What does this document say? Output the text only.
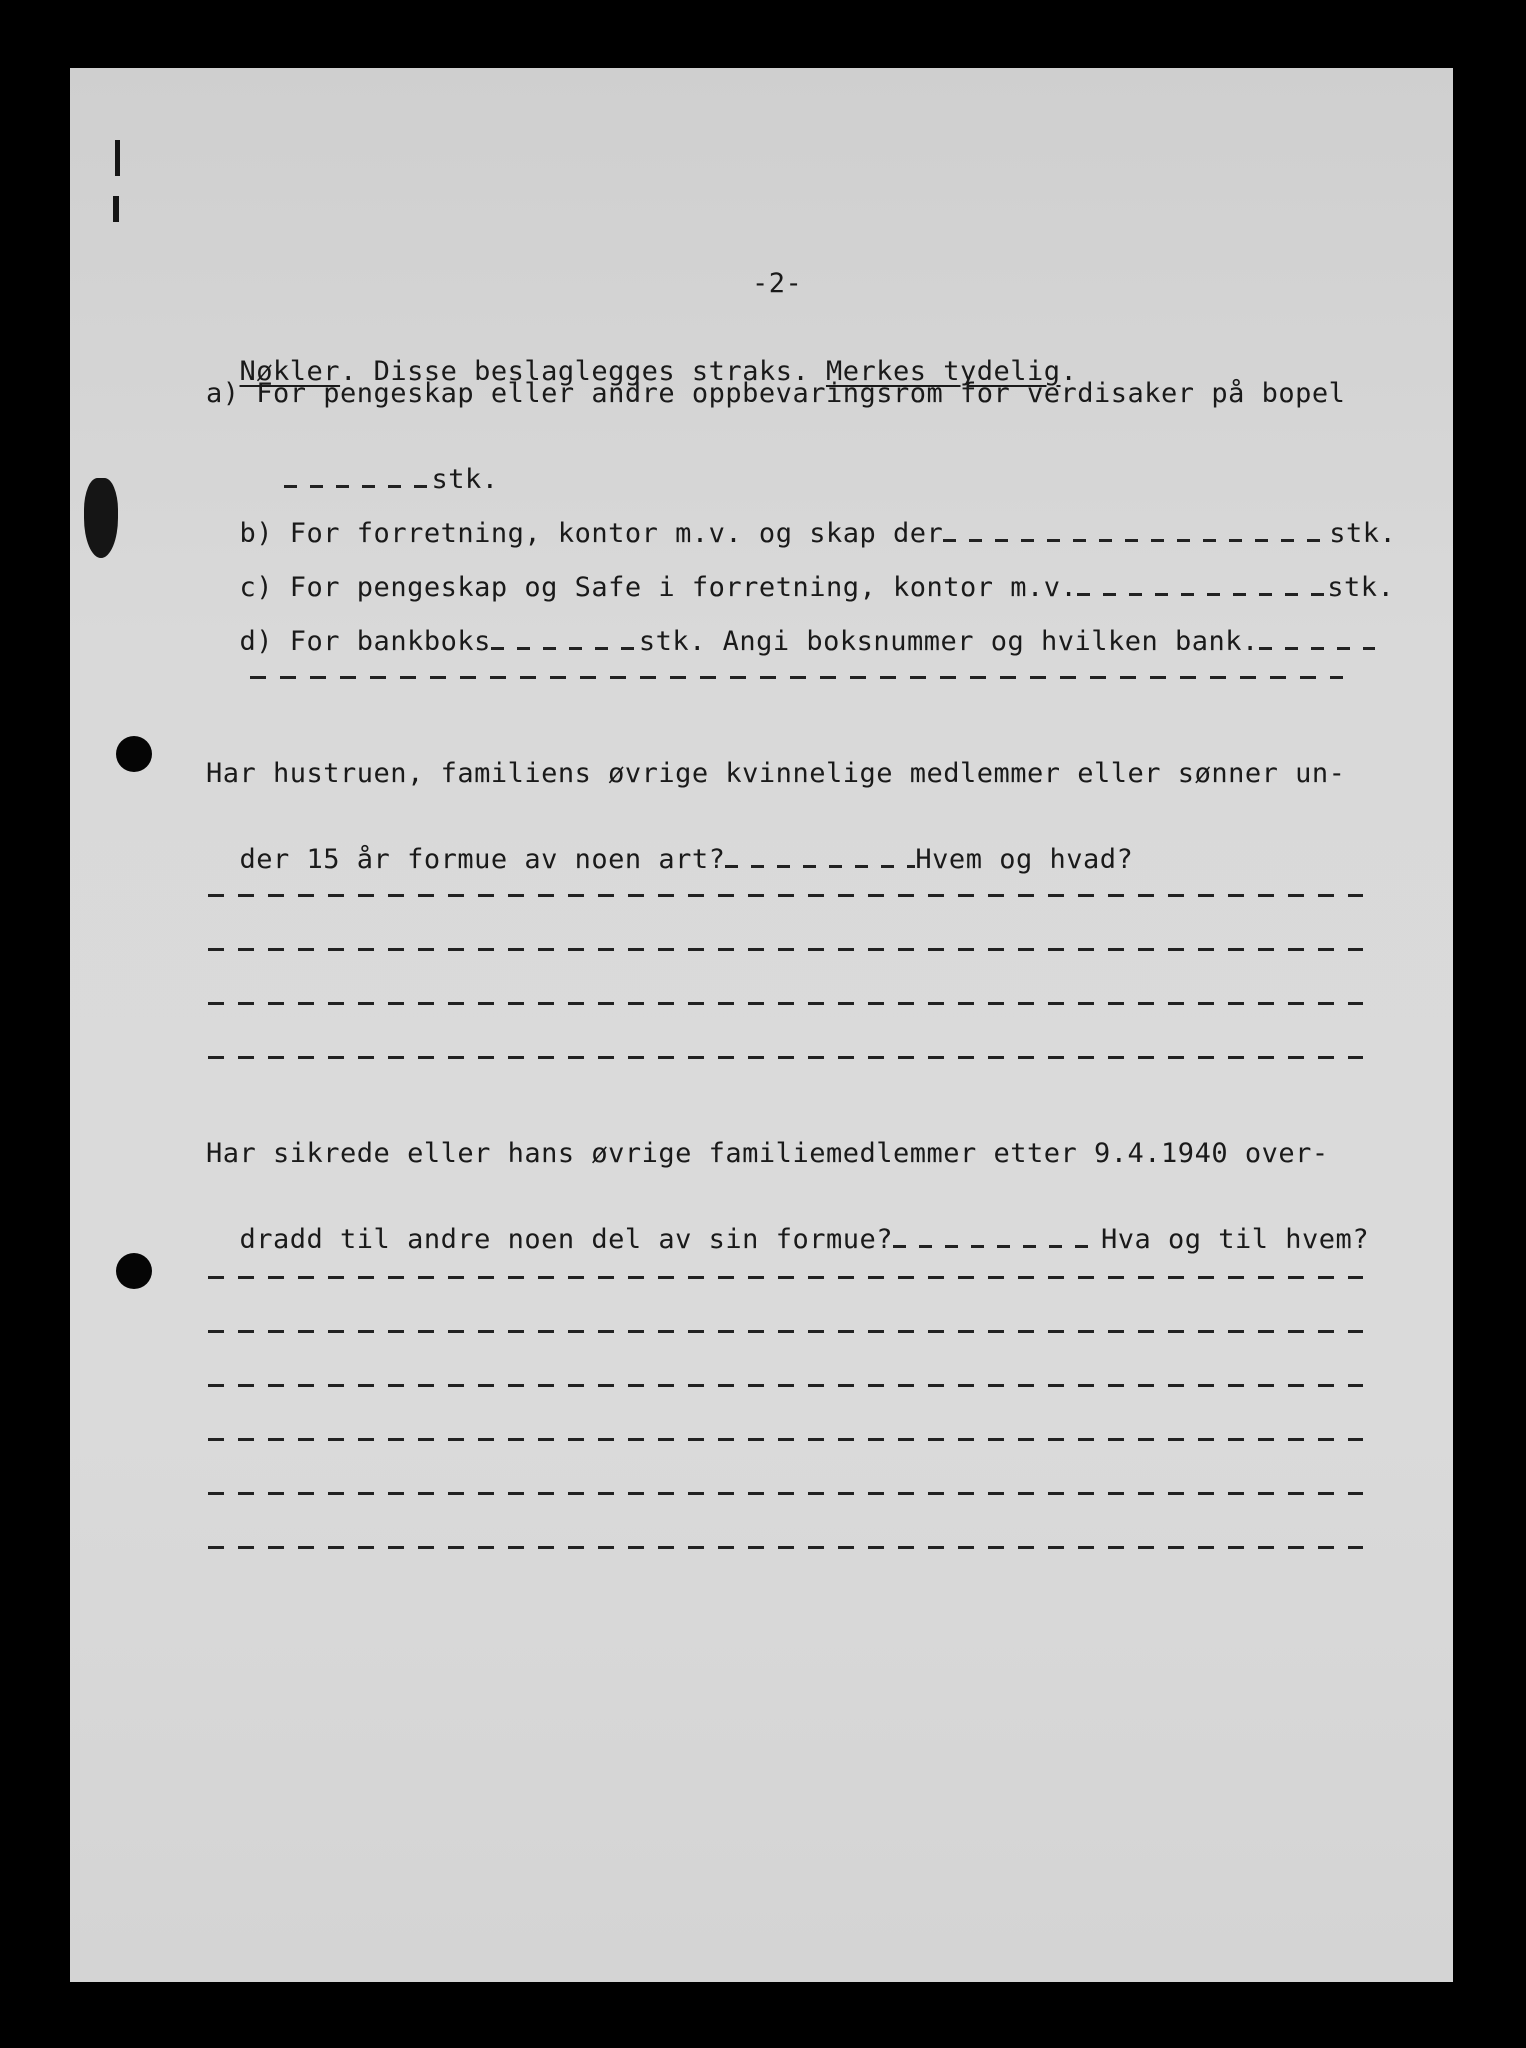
-2-

Nøkler. Disse beslaglegges straks. Merkes tydelig.

a) For pengeskap eller andre oppbevaringsrom for verdisaker på bopel

stk.

b) For forretning, kontor m.v. og skap der	stk.

c) For pengeskap og Safe i forretning, kontor m.v.	stk.

d) For bankboks	stk. Angi boksnummer og hvilken bank.

Har hustruen, familiens øvrige kvinnelige medlemmer eller sønner un-

der 15 år formue av noen art?	Hvem og hvad?

Har sikrede eller hans øvrige familiemedlemmer etter 9.4.1940 over-

dradd til andre noen del av sin formue?	Hva og til hvem?
